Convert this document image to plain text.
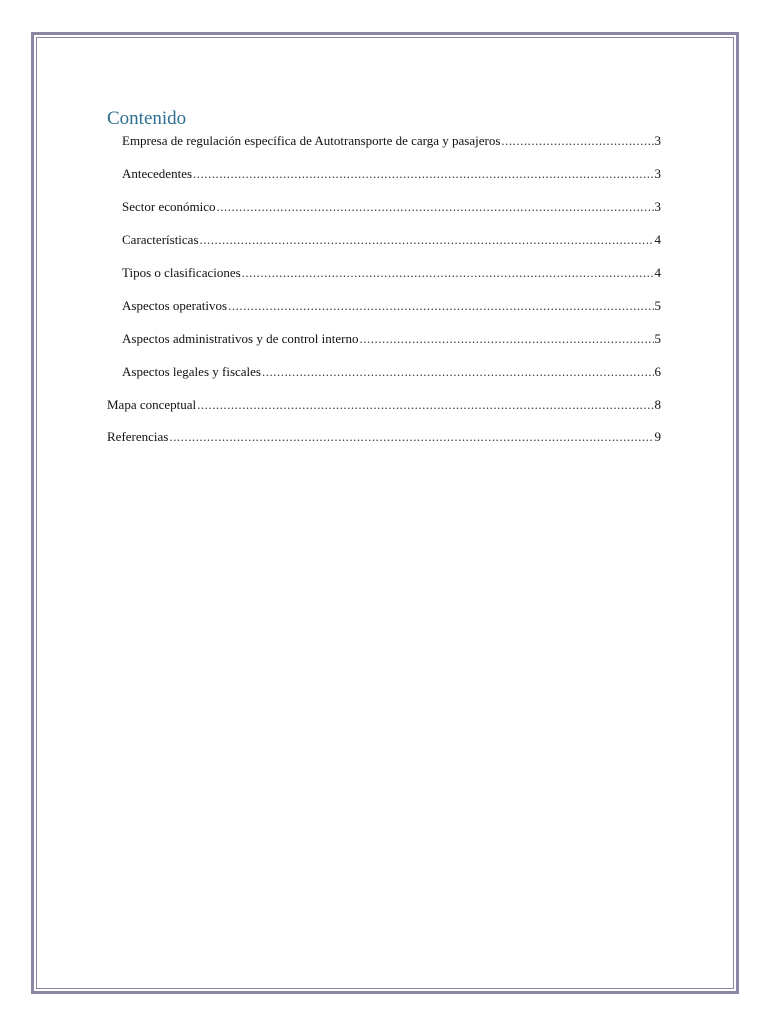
Contenido
Empresa de regulación específica de Autotransporte de carga y pasajeros .....	3
Antecedentes .....	3
Sector económico .....	3
Características .....	4
Tipos o clasificaciones .....	4
Aspectos operativos .....	5
Aspectos administrativos y de control interno .....	5
Aspectos legales y fiscales .....	6
Mapa conceptual .....	8
Referencias .....	9
